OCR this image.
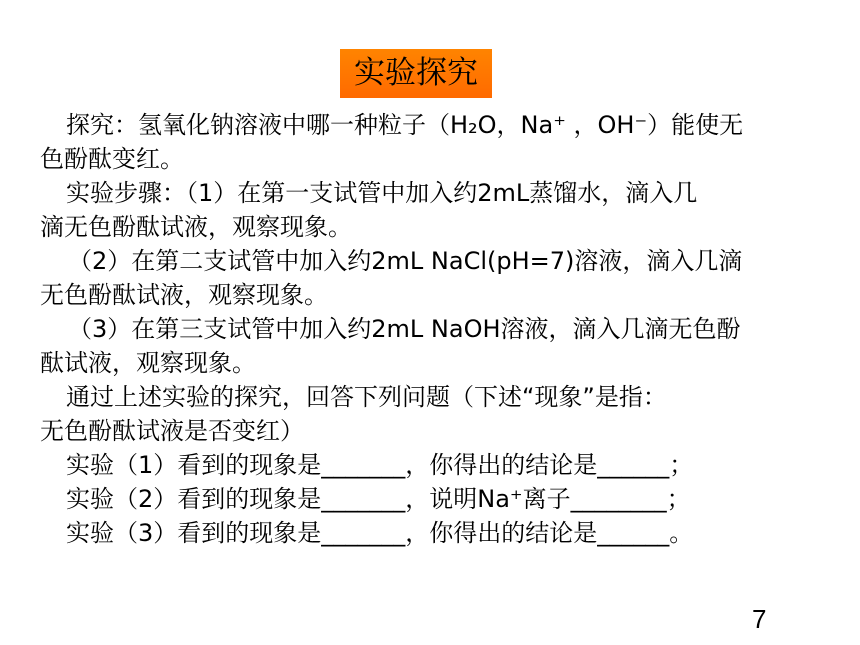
实验探究
探究：氢氧化钠溶液中哪一种粒子（H₂O，Na⁺ ，OH⁻）能使无
色酚酞变红。
实验步骤：（1）在第一支试管中加入约2mL蒸馏水，滴入几
滴无色酚酞试液，观察现象。
（2）在第二支试管中加入约2mL NaCl(pH=7)溶液，滴入几滴
无色酚酞试液，观察现象。
（3）在第三支试管中加入约2mL NaOH溶液，滴入几滴无色酚
酞试液，观察现象。
通过上述实验的探究，回答下列问题（下述“现象”是指：
无色酚酞试液是否变红）
实验（1）看到的现象是_______，你得出的结论是______；
实验（2）看到的现象是_______，说明Na⁺离子________；
实验（3）看到的现象是_______，你得出的结论是______。
7
